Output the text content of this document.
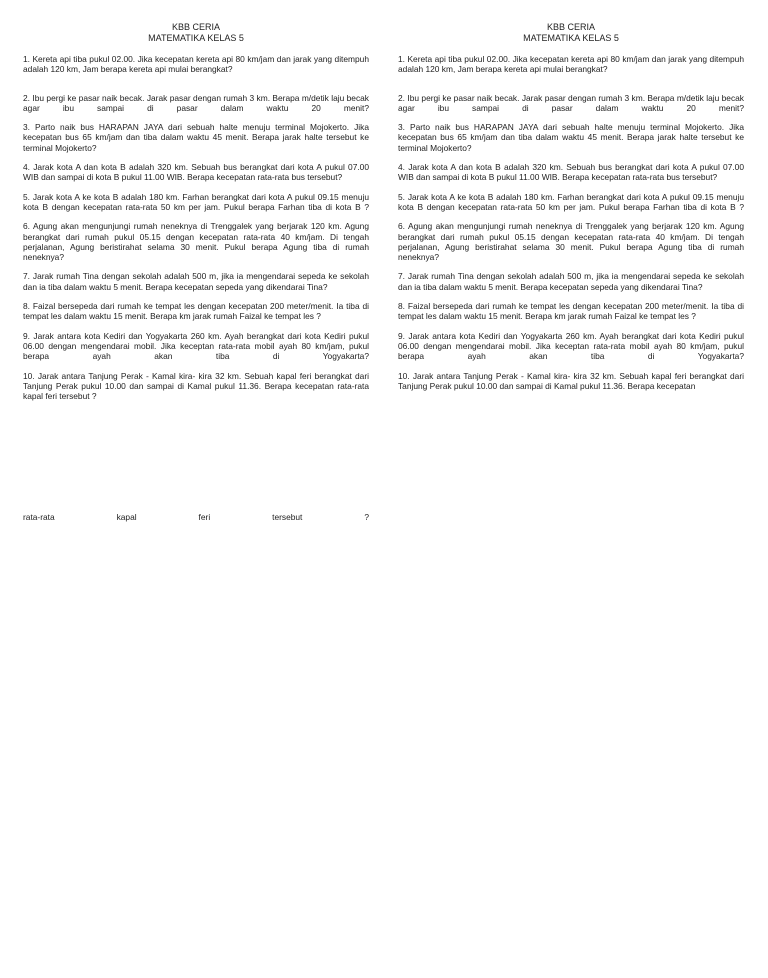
KBB CERIA

MATEMATIKA KELAS 5

1. Kereta api tiba pukul 02.00. Jika kecepatan kereta api 80 km/jam dan jarak yang ditempuh adalah 120 km, Jam berapa kereta api mulai berangkat?

2. Ibu pergi ke pasar naik becak. Jarak pasar dengan rumah 3 km. Berapa m/detik laju becak agar ibu sampai di pasar dalam waktu 20 menit?

3. Parto naik bus HARAPAN JAYA dari sebuah halte menuju terminal Mojokerto. Jika kecepatan bus 65 km/jam dan tiba dalam waktu 45 menit. Berapa jarak halte tersebut ke terminal Mojokerto?

4. Jarak kota A dan kota B adalah 320 km. Sebuah bus berangkat dari kota A pukul 07.00 WIB dan sampai di kota B pukul 11.00 WIB. Berapa kecepatan rata-rata bus tersebut?

5. Jarak kota A ke kota B adalah 180 km. Farhan berangkat dari kota A pukul 09.15 menuju kota B dengan kecepatan rata-rata 50 km per jam. Pukul berapa Farhan tiba di kota B ?

6. Agung akan mengunjungi rumah neneknya di Trenggalek yang berjarak 120 km. Agung berangkat dari rumah pukul 05.15 dengan kecepatan rata-rata 40 km/jam. Di tengah perjalanan, Agung beristirahat selama 30 menit. Pukul berapa Agung tiba di rumah neneknya?

7. Jarak rumah Tina dengan sekolah adalah 500 m, jika ia mengendarai sepeda ke sekolah dan ia tiba dalam waktu 5 menit. Berapa kecepatan sepeda yang dikendarai Tina?

8. Faizal bersepeda dari rumah ke tempat les dengan kecepatan 200 meter/menit. Ia tiba di tempat les dalam waktu 15 menit. Berapa km jarak rumah Faizal ke tempat les ?

9. Jarak antara kota Kediri dan Yogyakarta 260 km. Ayah berangkat dari kota Kediri pukul 06.00 dengan mengendarai mobil. Jika keceptan rata-rata mobil ayah 80 km/jam, pukul berapa ayah akan tiba di Yogyakarta?

10. Jarak antara Tanjung Perak - Kamal kira- kira 32 km. Sebuah kapal feri berangkat dari Tanjung Perak pukul 10.00 dan sampai di Kamal pukul 11.36. Berapa kecepatan rata-rata kapal feri tersebut ?

rata-rata kapal feri tersebut ?

KBB CERIA

MATEMATIKA KELAS 5

1. Kereta api tiba pukul 02.00. Jika kecepatan kereta api 80 km/jam dan jarak yang ditempuh adalah 120 km, Jam berapa kereta api mulai berangkat?

2. Ibu pergi ke pasar naik becak. Jarak pasar dengan rumah 3 km. Berapa m/detik laju becak agar ibu sampai di pasar dalam waktu 20 menit?

3. Parto naik bus HARAPAN JAYA dari sebuah halte menuju terminal Mojokerto. Jika kecepatan bus 65 km/jam dan tiba dalam waktu 45 menit. Berapa jarak halte tersebut ke terminal Mojokerto?

4. Jarak kota A dan kota B adalah 320 km. Sebuah bus berangkat dari kota A pukul 07.00 WIB dan sampai di kota B pukul 11.00 WIB. Berapa kecepatan rata-rata bus tersebut?

5. Jarak kota A ke kota B adalah 180 km. Farhan berangkat dari kota A pukul 09.15 menuju kota B dengan kecepatan rata-rata 50 km per jam. Pukul berapa Farhan tiba di kota B ?

6. Agung akan mengunjungi rumah neneknya di Trenggalek yang berjarak 120 km. Agung berangkat dari rumah pukul 05.15 dengan kecepatan rata-rata 40 km/jam. Di tengah perjalanan, Agung beristirahat selama 30 menit. Pukul berapa Agung tiba di rumah neneknya?

7. Jarak rumah Tina dengan sekolah adalah 500 m, jika ia mengendarai sepeda ke sekolah dan ia tiba dalam waktu 5 menit. Berapa kecepatan sepeda yang dikendarai Tina?

8. Faizal bersepeda dari rumah ke tempat les dengan kecepatan 200 meter/menit. Ia tiba di tempat les dalam waktu 15 menit. Berapa km jarak rumah Faizal ke tempat les ?

9. Jarak antara kota Kediri dan Yogyakarta 260 km. Ayah berangkat dari kota Kediri pukul 06.00 dengan mengendarai mobil. Jika keceptan rata-rata mobil ayah 80 km/jam, pukul berapa ayah akan tiba di Yogyakarta?

10. Jarak antara Tanjung Perak - Kamal kira- kira 32 km. Sebuah kapal feri berangkat dari Tanjung Perak pukul 10.00 dan sampai di Kamal pukul 11.36. Berapa kecepatan
